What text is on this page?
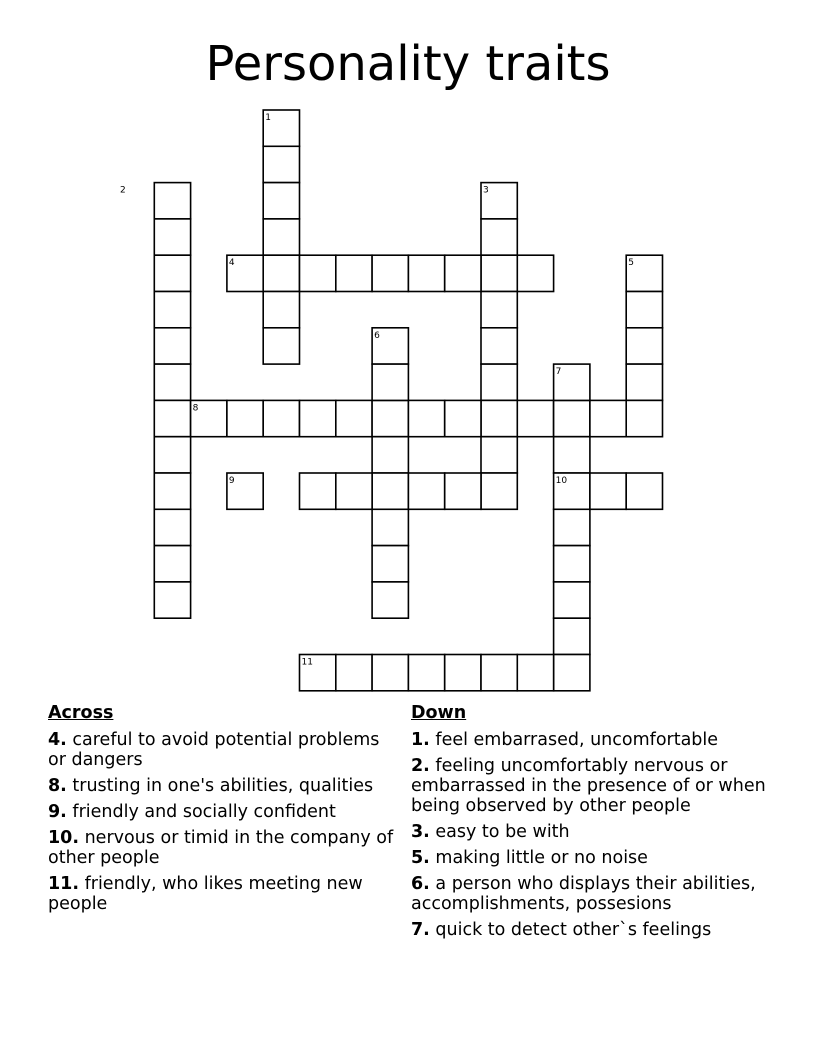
Personality traits
1
2	3
4	5
6
7
8
9	10
11
Across
4. careful to avoid potential problems or dangers
8. trusting in one's abilities, qualities
9. friendly and socially confident
10. nervous or timid in the company of other people
11. friendly, who likes meeting new people
Down
1. feel embarrased, uncomfortable
2. feeling uncomfortably nervous or embarrassed in the presence of or when being observed by other people
3. easy to be with
5. making little or no noise
6. a person who displays their abilities, accomplishments, possesions
7. quick to detect other`s feelings
